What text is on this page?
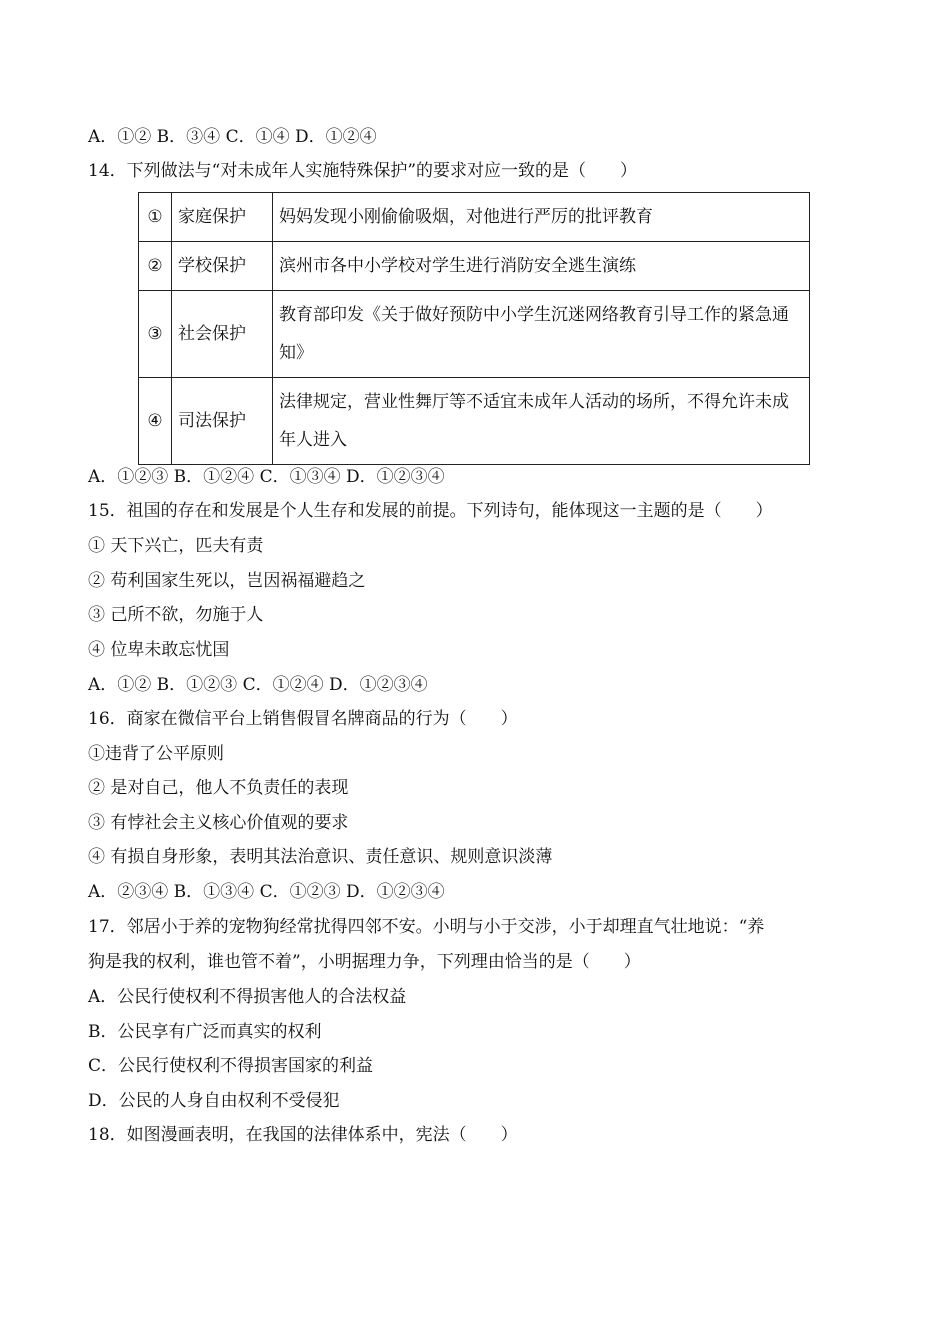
A．①② B．③④ C．①④ D．①②④
14．下列做法与“对未成年人实施特殊保护”的要求对应一致的是（　　）
①	家庭保护	妈妈发现小刚偷偷吸烟，对他进行严厉的批评教育
②	学校保护	滨州市各中小学校对学生进行消防安全逃生演练
③	社会保护	教育部印发《关于做好预防中小学生沉迷网络教育引导工作的紧急通知》
④	司法保护	法律规定，营业性舞厅等不适宜未成年人活动的场所，不得允许未成年人进入
A．①②③ B．①②④ C．①③④ D．①②③④
15．祖国的存在和发展是个人生存和发展的前提。下列诗句，能体现这一主题的是（　　）
① 天下兴亡，匹夫有责
② 苟利国家生死以，岂因祸福避趋之
③ 己所不欲，勿施于人
④ 位卑未敢忘忧国
A．①② B．①②③ C．①②④ D．①②③④
16．商家在微信平台上销售假冒名牌商品的行为（　　）
①违背了公平原则
② 是对自己，他人不负责任的表现
③ 有悖社会主义核心价值观的要求
④ 有损自身形象，表明其法治意识、责任意识、规则意识淡薄
A．②③④ B．①③④ C．①②③ D．①②③④
17．邻居小于养的宠物狗经常扰得四邻不安。小明与小于交涉，小于却理直气壮地说：“养
狗是我的权利，谁也管不着”，小明据理力争，下列理由恰当的是（　　）
A．公民行使权利不得损害他人的合法权益
B．公民享有广泛而真实的权利
C．公民行使权利不得损害国家的利益
D．公民的人身自由权利不受侵犯
18．如图漫画表明，在我国的法律体系中，宪法（　　）
